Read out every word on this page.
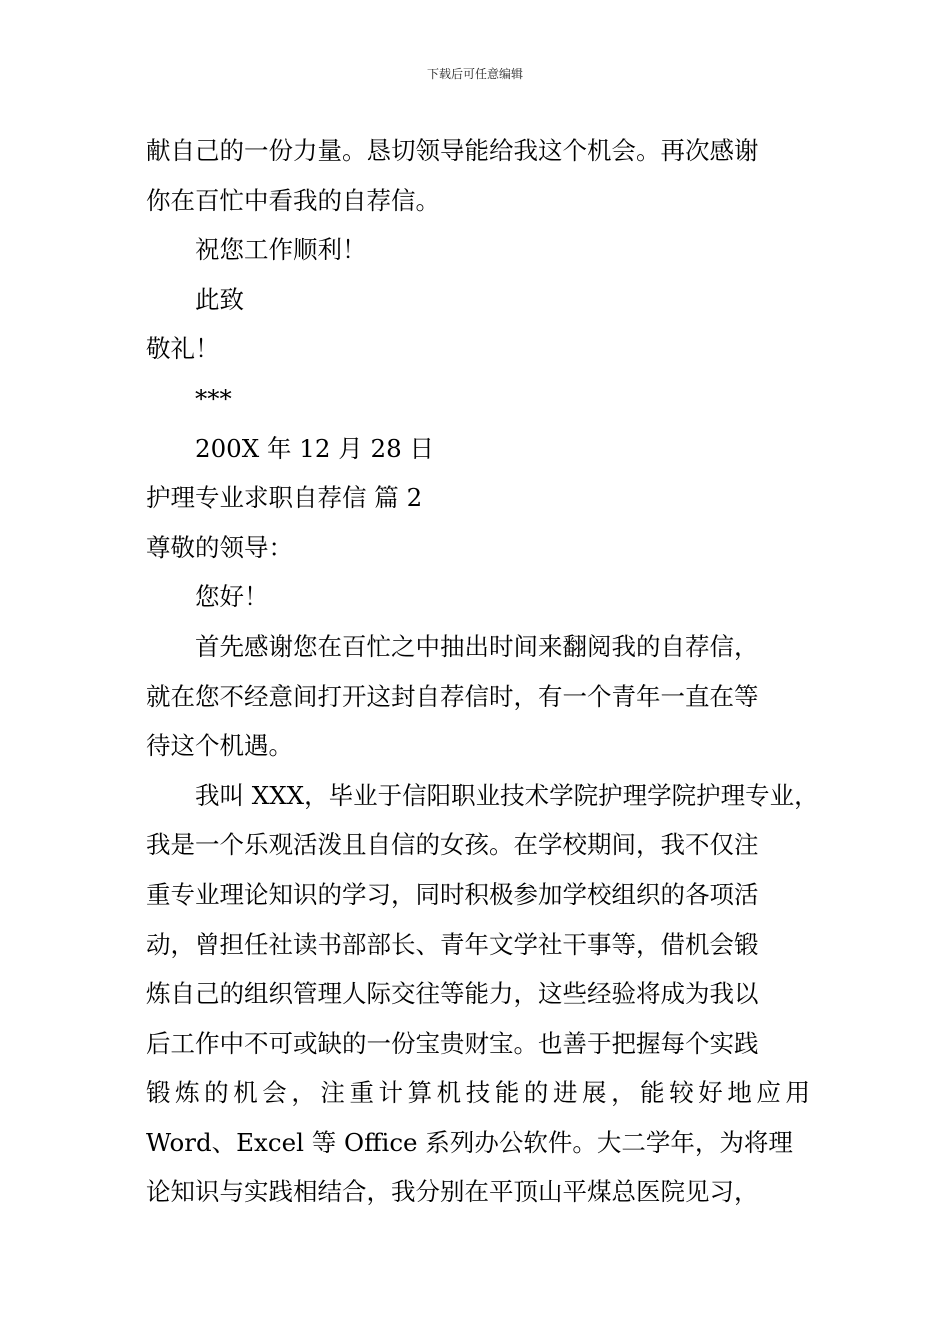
下载后可任意编辑
献自己的一份力量。恳切领导能给我这个机会。再次感谢
你在百忙中看我的自荐信。
祝您工作顺利！
此致
敬礼！
***
200X 年 12 月 28 日
护理专业求职自荐信 篇 2
尊敬的领导：
您好！
首先感谢您在百忙之中抽出时间来翻阅我的自荐信，
就在您不经意间打开这封自荐信时，有一个青年一直在等
待这个机遇。
我叫 XXX，毕业于信阳职业技术学院护理学院护理专业，
我是一个乐观活泼且自信的女孩。在学校期间，我不仅注
重专业理论知识的学习，同时积极参加学校组织的各项活
动，曾担任社读书部部长、青年文学社干事等，借机会锻
炼自己的组织管理人际交往等能力，这些经验将成为我以
后工作中不可或缺的一份宝贵财宝。也善于把握每个实践
锻炼的机会，注重计算机技能的进展，能较好地应用
Word、Excel 等 Office 系列办公软件。大二学年，为将理
论知识与实践相结合，我分别在平顶山平煤总医院见习，
